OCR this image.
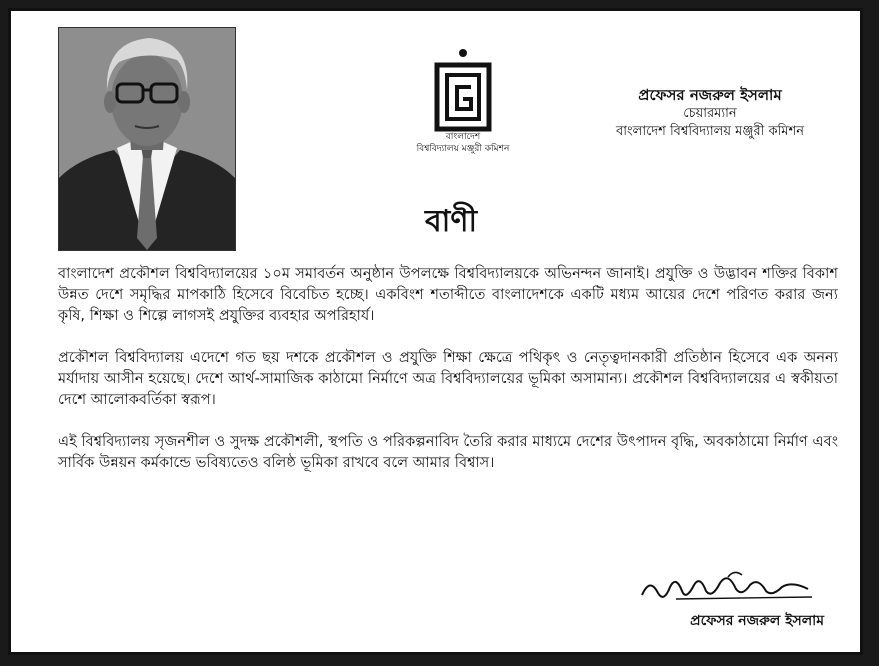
বাংলাদেশ
বিশ্ববিদ্যালয় মঞ্জুরী কমিশন
প্রফেসর নজরুল ইসলাম
চেয়ারম্যান
বাংলাদেশ বিশ্ববিদ্যালয় মঞ্জুরী কমিশন
বাণী

বাংলাদেশ প্রকৌশল বিশ্ববিদ্যালয়ের ১০ম সমাবর্তন অনুষ্ঠান উপলক্ষে বিশ্ববিদ্যালয়কে অভিনন্দন জানাই। প্রযুক্তি ও উদ্ভাবন শক্তির বিকাশ উন্নত দেশে সমৃদ্ধির মাপকাঠি হিসেবে বিবেচিত হচ্ছে। একবিংশ শতাব্দীতে বাংলাদেশকে একটি মধ্যম আয়ের দেশে পরিণত করার জন্য কৃষি, শিক্ষা ও শিল্পে লাগসই প্রযুক্তির ব্যবহার অপরিহার্য।

প্রকৌশল বিশ্ববিদ্যালয় এদেশে গত ছয় দশকে প্রকৌশল ও প্রযুক্তি শিক্ষা ক্ষেত্রে পথিকৃৎ ও নেতৃত্বদানকারী প্রতিষ্ঠান হিসেবে এক অনন্য মর্যাদায় আসীন হয়েছে। দেশে আর্থ-সামাজিক কাঠামো নির্মাণে অত্র বিশ্ববিদ্যালয়ের ভূমিকা অসামান্য। প্রকৌশল বিশ্ববিদ্যালয়ের এ স্বকীয়তা দেশে আলোকবর্তিকা স্বরূপ।

এই বিশ্ববিদ্যালয় সৃজনশীল ও সুদক্ষ প্রকৌশলী, স্থপতি ও পরিকল্পনাবিদ তৈরি করার মাধ্যমে দেশের উৎপাদন বৃদ্ধি, অবকাঠামো নির্মাণ এবং সার্বিক উন্নয়ন কর্মকান্ডে ভবিষ্যতেও বলিষ্ঠ ভূমিকা রাখবে বলে আমার বিশ্বাস।

প্রফেসর নজরুল ইসলাম
